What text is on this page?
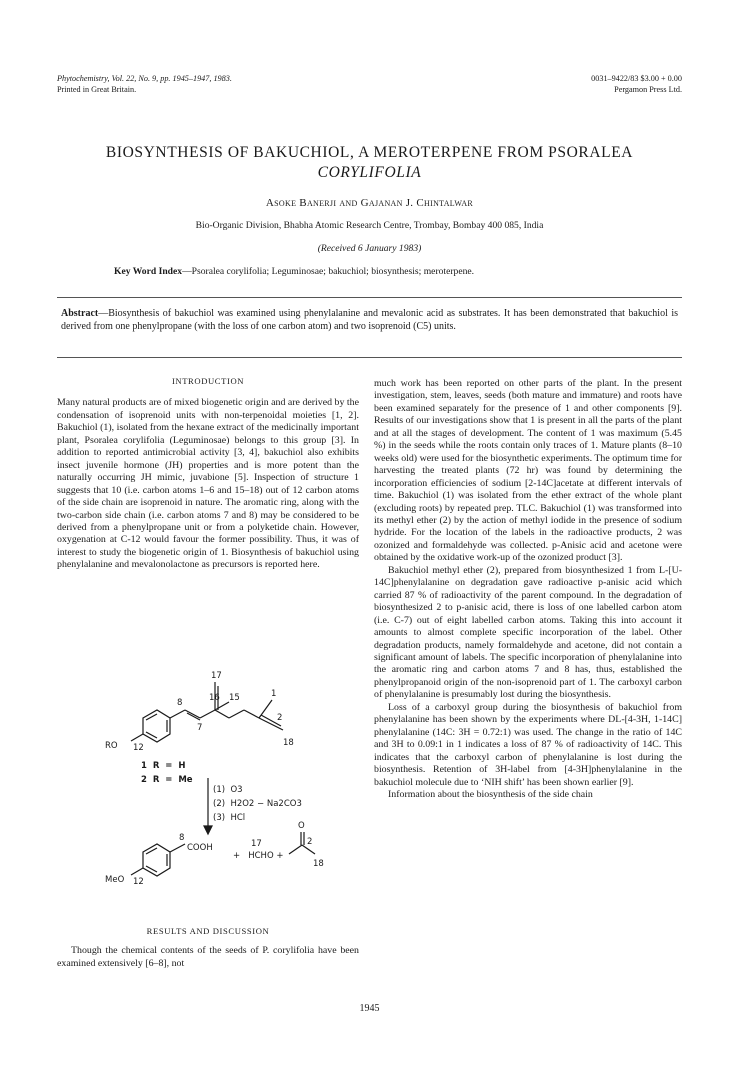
Phytochemistry, Vol. 22, No. 9, pp. 1945–1947, 1983.
Printed in Great Britain.
0031–9422/83 $3.00 + 0.00
Pergamon Press Ltd.
BIOSYNTHESIS OF BAKUCHIOL, A MEROTERPENE FROM PSORALEA
CORYLIFOLIA
Asoke Banerji and Gajanan J. Chintalwar
Bio-Organic Division, Bhabha Atomic Research Centre, Trombay, Bombay 400 085, India
(Received 6 January 1983)
Key Word Index—Psoralea corylifolia; Leguminosae; bakuchiol; biosynthesis; meroterpene.
Abstract—Biosynthesis of bakuchiol was examined using phenylalanine and mevalonic acid as substrates. It has been demonstrated that bakuchiol is derived from one phenylpropane (with the loss of one carbon atom) and two isoprenoid (C5) units.
INTRODUCTION

Many natural products are of mixed biogenetic origin and are derived by the condensation of isoprenoid units with non-terpenoidal moieties [1, 2]. Bakuchiol (1), isolated from the hexane extract of the medicinally important plant, Psoralea corylifolia (Leguminosae) belongs to this group [3]. In addition to reported antimicrobial activity [3, 4], bakuchiol also exhibits insect juvenile hormone (JH) properties and is more potent than the naturally occurring JH mimic, juvabione [5]. Inspection of structure 1 suggests that 10 (i.e. carbon atoms 1–6 and 15–18) out of 12 carbon atoms of the side chain are isoprenoid in nature. The aromatic ring, along with the two-carbon side chain (i.e. carbon atoms 7 and 8) may be considered to be derived from a phenylpropane unit or from a polyketide chain. However, oxygenation at C-12 would favour the former possibility. Thus, it was of interest to study the biogenetic origin of 1. Biosynthesis of bakuchiol using phenylalanine and mevalonolactone as precursors is reported here.

17
16 15	1
8
7
2
18
RO 12
1  R  =  H
2  R  =  Me
(1)  O3
(2)  H2O2 − Na2CO3
(3)  HCl
8
COOH
MeO 12
+   HCHO +
17
O
2
18
RESULTS AND DISCUSSION

Though the chemical contents of the seeds of P. corylifolia have been examined extensively [6–8], not

much work has been reported on other parts of the plant. In the present investigation, stem, leaves, seeds (both mature and immature) and roots have been examined separately for the presence of 1 and other components [9]. Results of our investigations show that 1 is present in all the parts of the plant and at all the stages of development. The content of 1 was maximum (5.45 %) in the seeds while the roots contain only traces of 1. Mature plants (8–10 weeks old) were used for the biosynthetic experiments. The optimum time for harvesting the treated plants (72 hr) was found by determining the incorporation efficiencies of sodium [2-14C]acetate at different intervals of time. Bakuchiol (1) was isolated from the ether extract of the whole plant (excluding roots) by repeated prep. TLC. Bakuchiol (1) was transformed into its methyl ether (2) by the action of methyl iodide in the presence of sodium hydride. For the location of the labels in the radioactive products, 2 was ozonized and formaldehyde was collected. p-Anisic acid and acetone were obtained by the oxidative work-up of the ozonized product [3].

Bakuchiol methyl ether (2), prepared from biosynthesized 1 from L-[U-14C]phenylalanine on degradation gave radioactive p-anisic acid which carried 87 % of radioactivity of the parent compound. In the degradation of biosynthesized 2 to p-anisic acid, there is loss of one labelled carbon atom (i.e. C-7) out of eight labelled carbon atoms. Taking this into account it amounts to almost complete specific incorporation of the label. Other degradation products, namely formaldehyde and acetone, did not contain a significant amount of labels. The specific incorporation of phenylalanine into the aromatic ring and carbon atoms 7 and 8 has, thus, established the phenylpropanoid origin of the non-isoprenoid part of 1. The carboxyl carbon of phenylalanine is presumably lost during the biosynthesis.

Loss of a carboxyl group during the biosynthesis of bakuchiol from phenylalanine has been shown by the experiments where DL-[4-3H, 1-14C] phenylalanine (14C: 3H = 0.72:1) was used. The change in the ratio of 14C and 3H to 0.09:1 in 1 indicates a loss of 87 % of radioactivity of 14C. This indicates that the carboxyl carbon of phenylalanine is lost during the biosynthesis. Retention of 3H-label from [4-3H]phenylalanine in the bakuchiol molecule due to ‘NIH shift’ has been shown earlier [9].

Information about the biosynthesis of the side chain

1945
